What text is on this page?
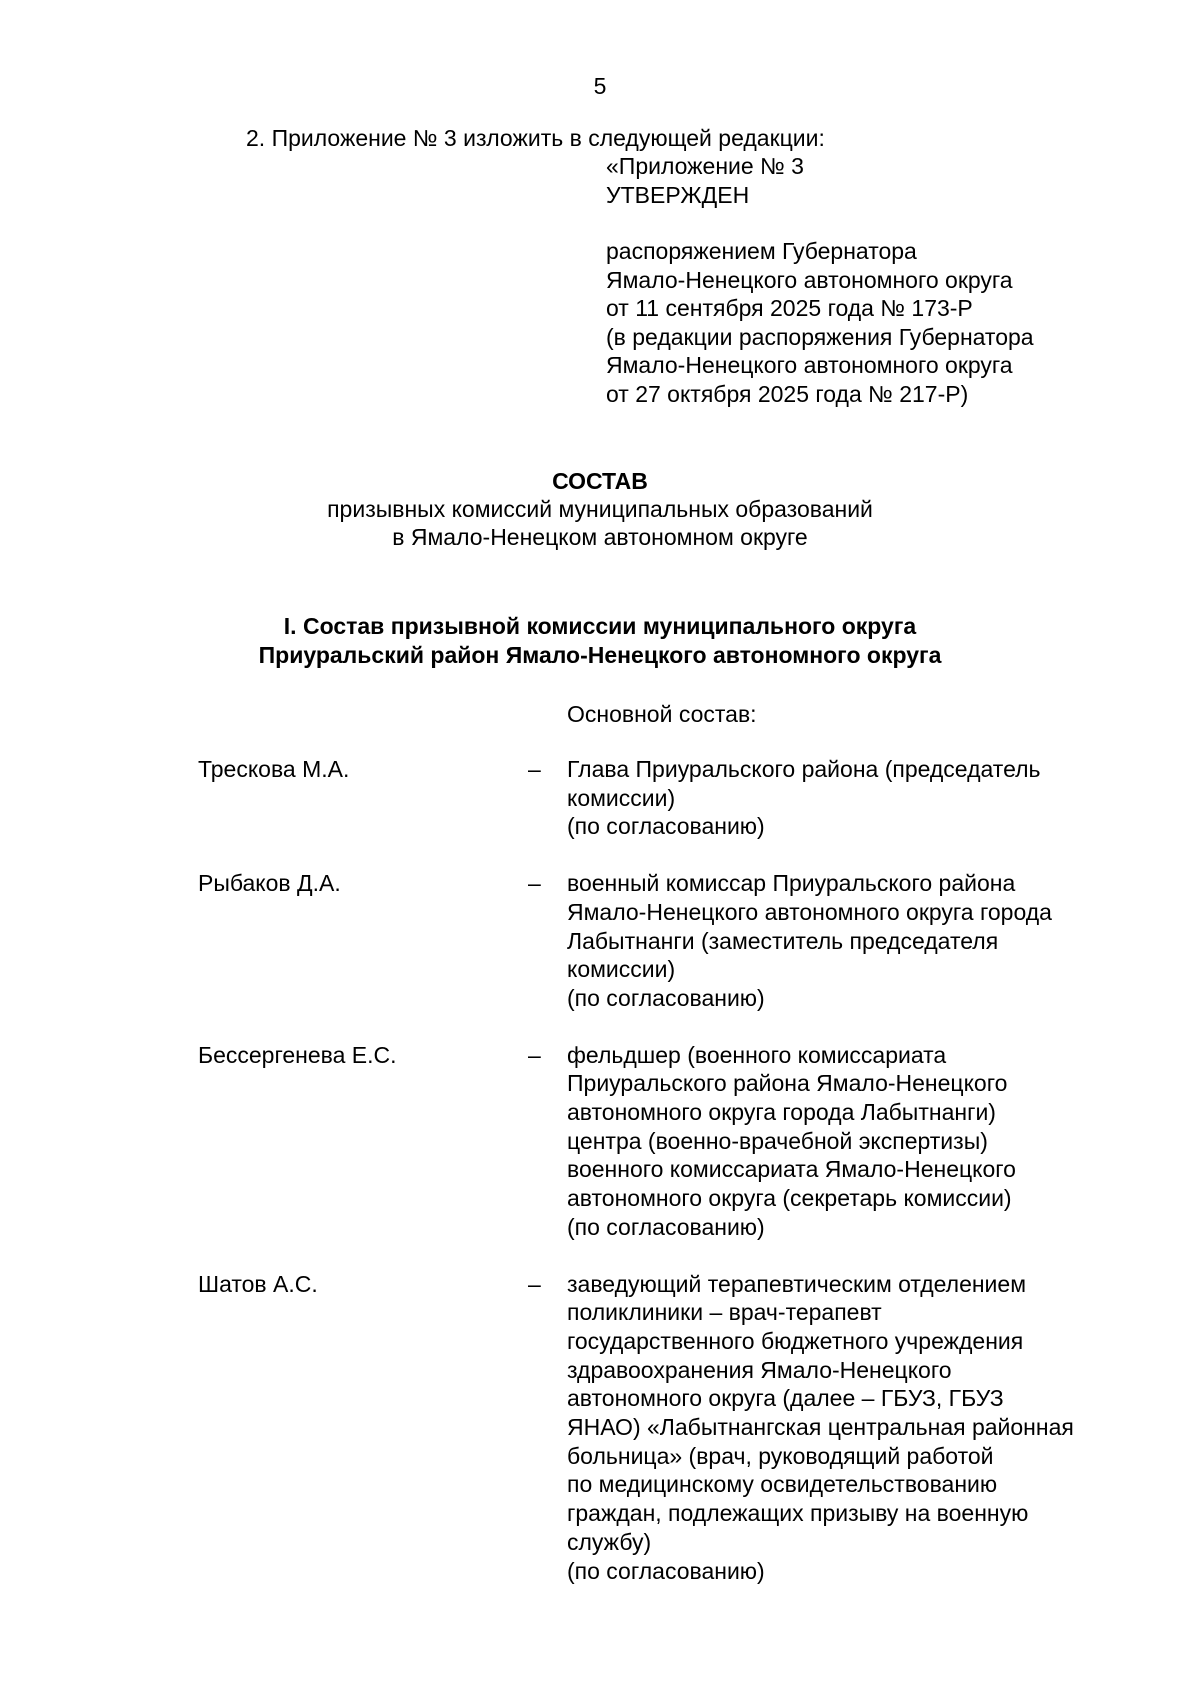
5
2. Приложение № 3 изложить в следующей редакции:
«Приложение № 3
УТВЕРЖДЕН
распоряжением Губернатора
Ямало-Ненецкого автономного округа
от 11 сентября 2025 года № 173-Р
(в редакции распоряжения Губернатора
Ямало-Ненецкого автономного округа
от 27 октября 2025 года № 217-Р)
СОСТАВ
призывных комиссий муниципальных образований
в Ямало-Ненецком автономном округе
I. Состав призывной комиссии муниципального округа
Приуральский район Ямало-Ненецкого автономного округа
Основной состав:
Трескова М.А.	–	Глава Приуральского района (председатель
комиссии)
(по согласованию)
Рыбаков Д.А.	–	военный комиссар Приуральского района
Ямало-Ненецкого автономного округа города
Лабытнанги (заместитель председателя
комиссии)
(по согласованию)
Бессергенева Е.С.	–	фельдшер (военного комиссариата
Приуральского района Ямало-Ненецкого
автономного округа города Лабытнанги)
центра (военно-врачебной экспертизы)
военного комиссариата Ямало-Ненецкого
автономного округа (секретарь комиссии)
(по согласованию)
Шатов А.С.	–	заведующий терапевтическим отделением
поликлиники – врач-терапевт
государственного бюджетного учреждения
здравоохранения Ямало-Ненецкого
автономного округа (далее – ГБУЗ, ГБУЗ
ЯНАО) «Лабытнангская центральная районная
больница» (врач, руководящий работой
по медицинскому освидетельствованию
граждан, подлежащих призыву на военную
службу)
(по согласованию)
